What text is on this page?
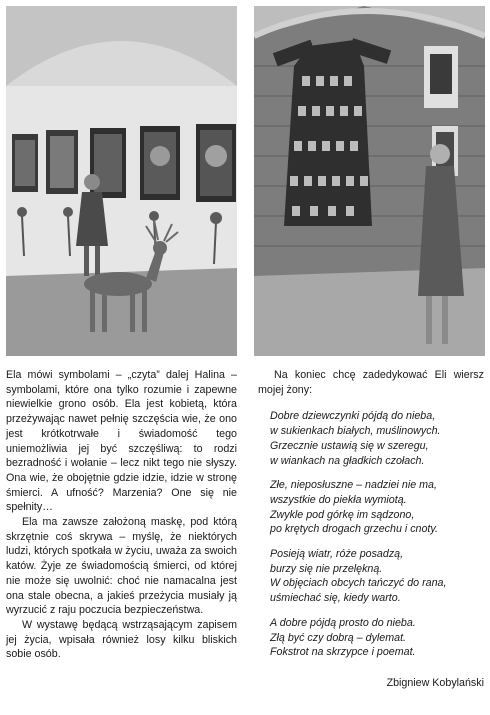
Ela mówi symbolami – „czyta” dalej Halina – symbolami, które ona tylko rozumie i zapewne niewielkie grono osób. Ela jest kobietą, która przeżywając nawet pełnię szczęścia wie, że ono jest krótkotrwałe i świadomość tego uniemożliwia jej być szczęśliwą: to rodzi bezradność i wołanie – lecz nikt tego nie słyszy. Ona wie, że obojętnie gdzie idzie, idzie w stronę śmierci. A ufność? Marzenia? One się nie spełnity…

Ela ma zawsze założoną maskę, pod którą skrzętnie coś skrywa – myślę, że niektórych ludzi, których spotkała w życiu, uważa za swoich katów. Żyje ze świadomością śmierci, od której nie może się uwolnić: choć nie namacalna jest ona stale obecna, a jakieś przeżycia musiały ją wyrzucić z raju poczucia bezpieczeństwa.

W wystawę będącą wstrząsającym zapisem jej życia, wpisała również losy kilku bliskich sobie osób.

Na koniec chcę zadedykować Eli wiersz mojej żony:

Dobre dziewczynki pójdą do nieba,
w sukienkach białych, muślinowych.
Grzecznie ustawią się w szeregu,
w wiankach na gładkich czołach.
Złe, nieposłuszne – nadziei nie ma,
wszystkie do piekła wymiotą.
Zwykle pod górkę im sądzono,
po krętych drogach grzechu i cnoty.
Posieją wiatr, róże posadzą,
burzy się nie przelękną.
W objęciach obcych tańczyć do rana,
uśmiechać się, kiedy warto.
A dobre pójdą prosto do nieba.
Złą być czy dobrą – dylemat.
Fokstrot na skrzypce i poemat.
Zbigniew Kobylański
